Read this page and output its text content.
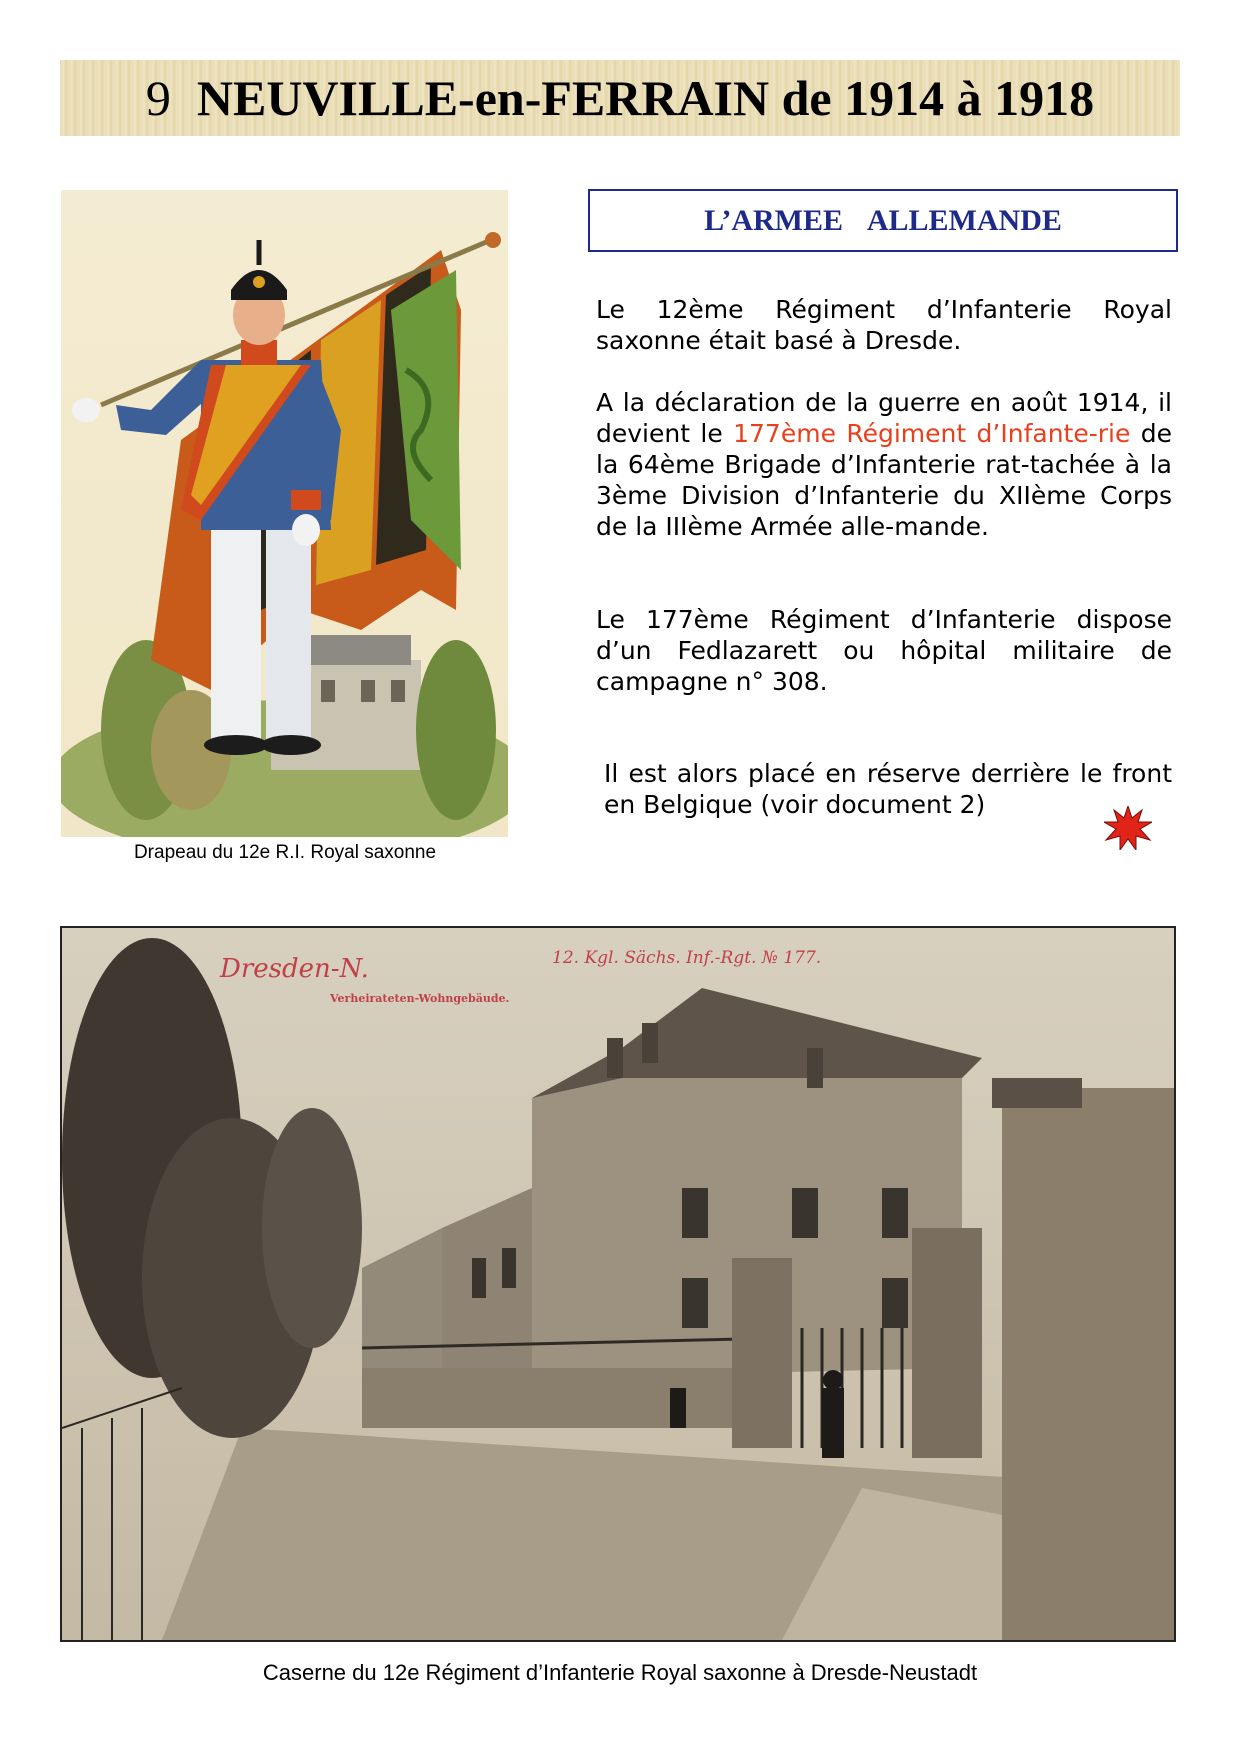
9 NEUVILLE-en-FERRAIN de 1914 à 1918
Drapeau du 12e R.I. Royal saxonne
L’ARMEE ALLEMANDE
Le 12ème Régiment d’Infanterie Royal saxonne était basé à Dresde.
A la déclaration de la guerre en août 1914, il devient le 177ème Régiment d’Infante-rie de la 64ème Brigade d’Infanterie rat-tachée à la 3ème Division d’Infanterie du XIIème Corps de la IIIème Armée alle-mande.
Le 177ème Régiment d’Infanterie dispose d’un Fedlazarett ou hôpital militaire de campagne n° 308.
Il est alors placé en réserve derrière le front en Belgique (voir document 2)
Dresden-N.	12. Kgl. Sächs. Inf.-Rgt. № 177.
Verheirateten-Wohngebäude.
Caserne du 12e Régiment d’Infanterie Royal saxonne à Dresde-Neustadt
